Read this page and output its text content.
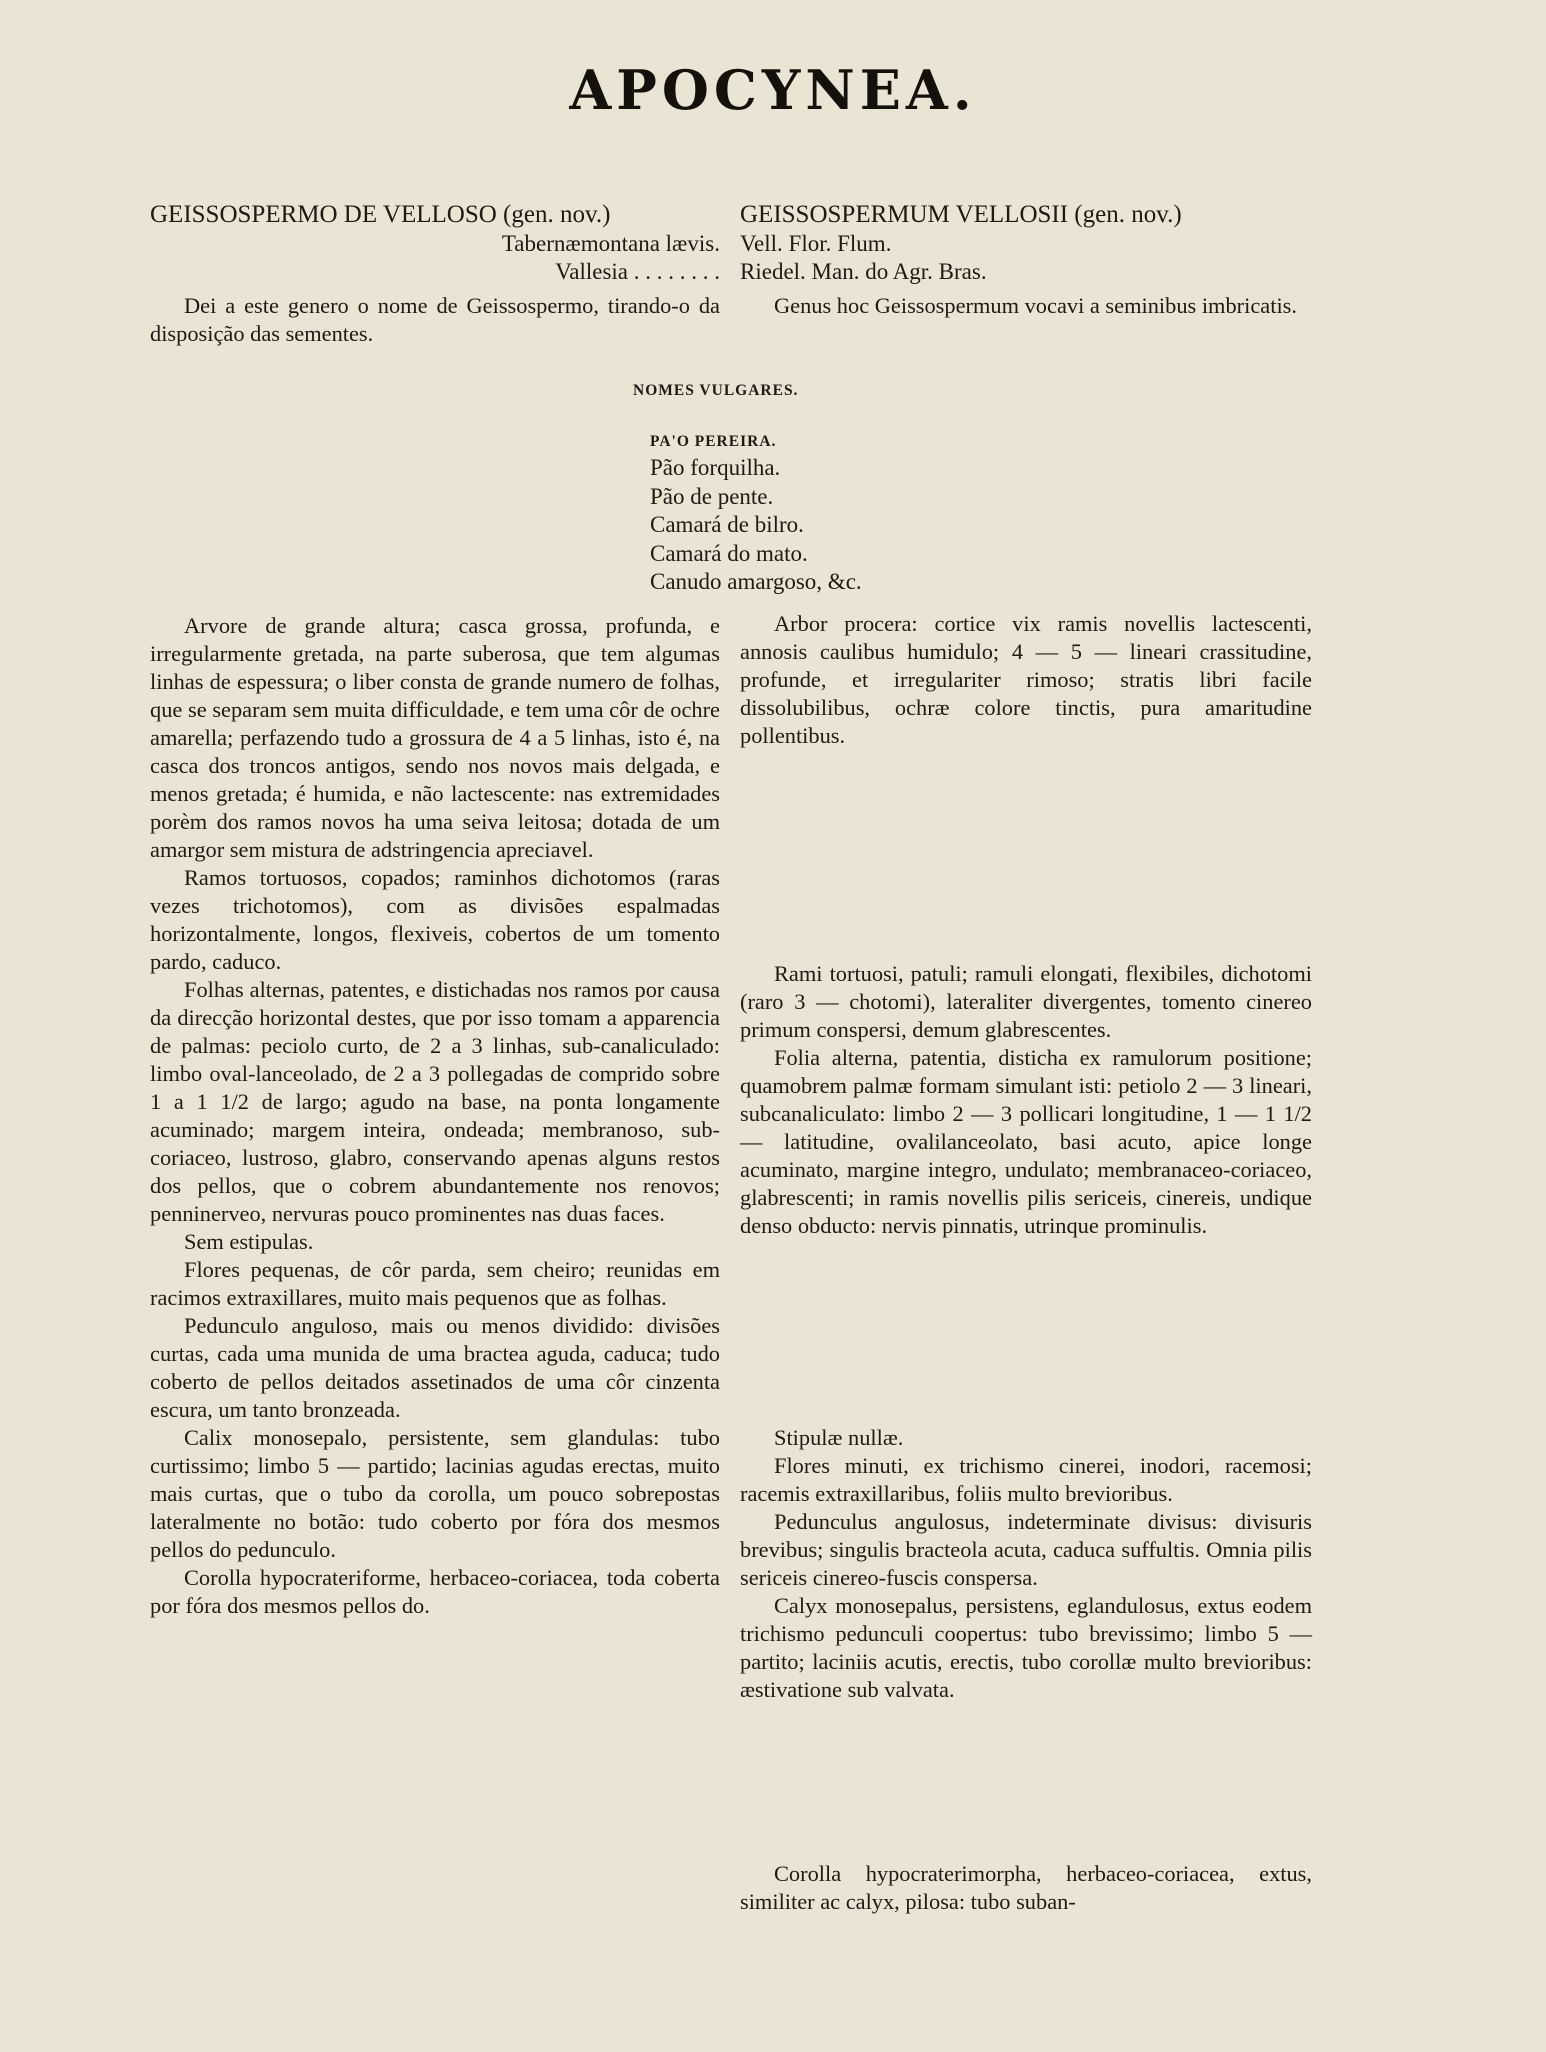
APOCYNEA.

GEISSOSPERMO DE VELLOSO (gen. nov.)

Tabernæmontana lævis.

Vallesia . . . . . . . .

Dei a este genero o nome de Geissospermo, tirando-o da disposição das sementes.

GEISSOSPERMUM VELLOSII (gen. nov.)

Vell. Flor. Flum.

Riedel. Man. do Agr. Bras.

Genus hoc Geissospermum vocavi a seminibus imbricatis.

NOMES VULGARES.

PA'O PEREIRA.

Pão forquilha.

Pão de pente.

Camará de bilro.

Camará do mato.

Canudo amargoso, &c.

Arvore de grande altura; casca grossa, profunda, e irregularmente gretada, na parte suberosa, que tem algumas linhas de espessura; o liber consta de grande numero de folhas, que se separam sem muita difficuldade, e tem uma côr de ochre amarella; perfazendo tudo a grossura de 4 a 5 linhas, isto é, na casca dos troncos antigos, sendo nos novos mais delgada, e menos gretada; é humida, e não lactescente: nas extremidades porèm dos ramos novos ha uma seiva leitosa; dotada de um amargor sem mistura de adstringencia apreciavel.

Ramos tortuosos, copados; raminhos dichotomos (raras vezes trichotomos), com as divisões espalmadas horizontalmente, longos, flexiveis, cobertos de um tomento pardo, caduco.

Folhas alternas, patentes, e distichadas nos ramos por causa da direcção horizontal destes, que por isso tomam a apparencia de palmas: peciolo curto, de 2 a 3 linhas, sub-canaliculado: limbo oval-lanceolado, de 2 a 3 pollegadas de comprido sobre 1 a 1 1/2 de largo; agudo na base, na ponta longamente acuminado; margem inteira, ondeada; membranoso, sub-coriaceo, lustroso, glabro, conservando apenas alguns restos dos pellos, que o cobrem abundantemente nos renovos; penninerveo, nervuras pouco prominentes nas duas faces.

Sem estipulas.

Flores pequenas, de côr parda, sem cheiro; reunidas em racimos extraxillares, muito mais pequenos que as folhas.

Pedunculo anguloso, mais ou menos dividido: divisões curtas, cada uma munida de uma bractea aguda, caduca; tudo coberto de pellos deitados assetinados de uma côr cinzenta escura, um tanto bronzeada.

Calix monosepalo, persistente, sem glandulas: tubo curtissimo; limbo 5 — partido; lacinias agudas erectas, muito mais curtas, que o tubo da corolla, um pouco sobrepostas lateralmente no botão: tudo coberto por fóra dos mesmos pellos do pedunculo.

Corolla hypocrateriforme, herbaceo-coriacea, toda coberta por fóra dos mesmos pellos do.

Arbor procera: cortice vix ramis novellis lactescenti, annosis caulibus humidulo; 4 — 5 — lineari crassitudine, profunde, et irregulariter rimoso; stratis libri facile dissolubilibus, ochræ colore tinctis, pura amaritudine pollentibus.

Rami tortuosi, patuli; ramuli elongati, flexibiles, dichotomi (raro 3 — chotomi), lateraliter divergentes, tomento cinereo primum conspersi, demum glabrescentes.

Folia alterna, patentia, disticha ex ramulorum positione; quamobrem palmæ formam simulant isti: petiolo 2 — 3 lineari, subcanaliculato: limbo 2 — 3 pollicari longitudine, 1 — 1 1/2 — latitudine, ovalilanceolato, basi acuto, apice longe acuminato, margine integro, undulato; membranaceo-coriaceo, glabrescenti; in ramis novellis pilis sericeis, cinereis, undique denso obducto: nervis pinnatis, utrinque prominulis.

Stipulæ nullæ.

Flores minuti, ex trichismo cinerei, inodori, racemosi; racemis extraxillaribus, foliis multo brevioribus.

Pedunculus angulosus, indeterminate divisus: divisuris brevibus; singulis bracteola acuta, caduca suffultis. Omnia pilis sericeis cinereo-fuscis conspersa.

Calyx monosepalus, persistens, eglandulosus, extus eodem trichismo pedunculi coopertus: tubo brevissimo; limbo 5 — partito; laciniis acutis, erectis, tubo corollæ multo brevioribus: æstivatione sub valvata.

Corolla hypocraterimorpha, herbaceo-coriacea, extus, similiter ac calyx, pilosa: tubo suban-
